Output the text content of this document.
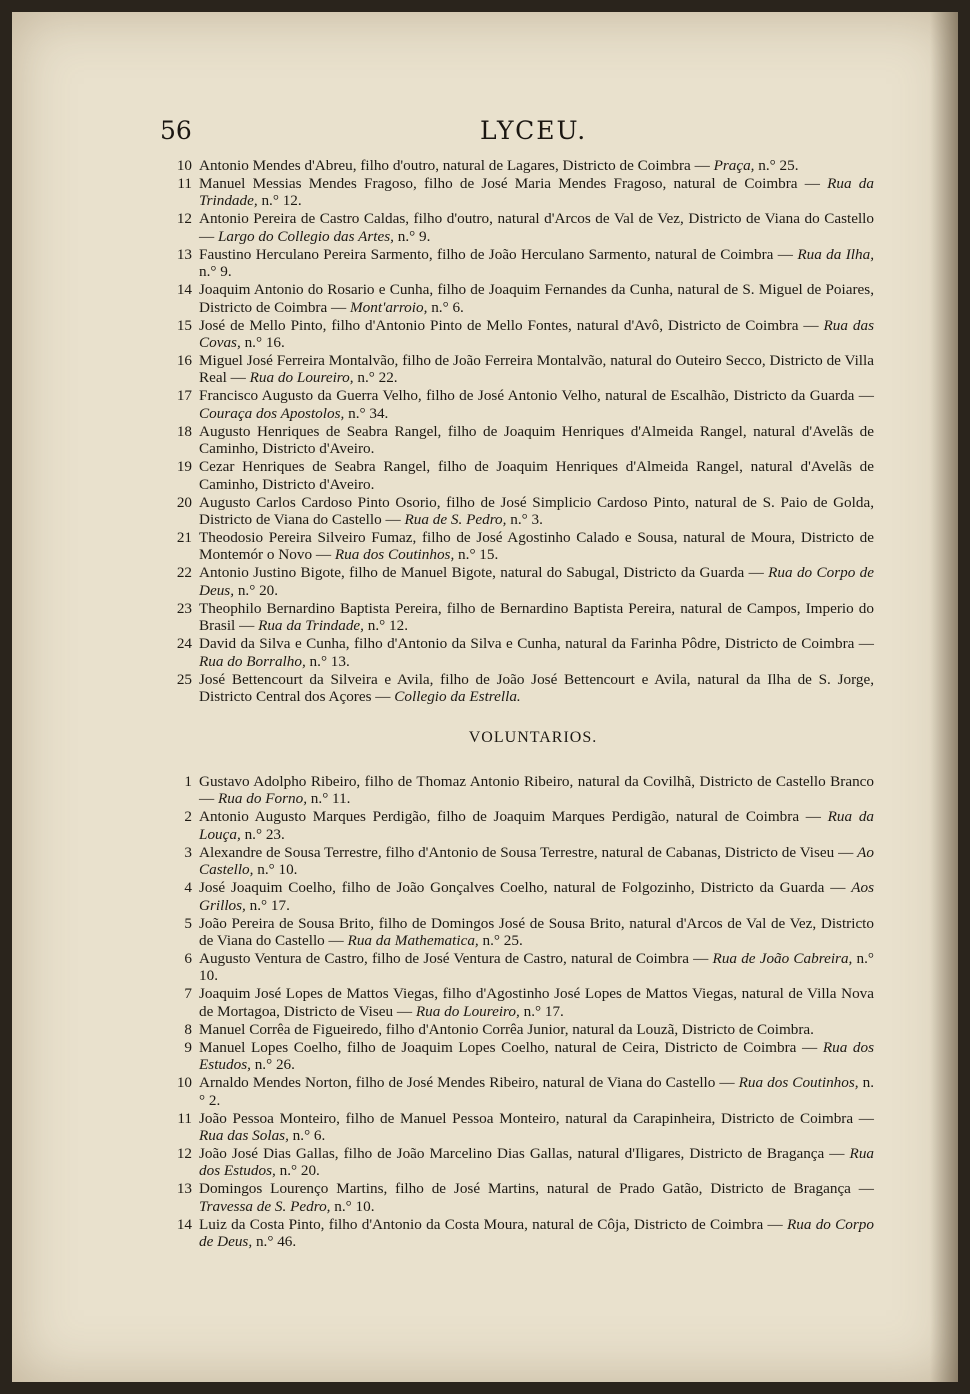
56	LYCEU.
10 Antonio Mendes d'Abreu, filho d'outro, natural de Lagares, Districto de Coimbra — Praça, n.° 25.
11 Manuel Messias Mendes Fragoso, filho de José Maria Mendes Fragoso, natural de Coimbra — Rua da Trindade, n.° 12.
12 Antonio Pereira de Castro Caldas, filho d'outro, natural d'Arcos de Val de Vez, Districto de Viana do Castello — Largo do Collegio das Artes, n.° 9.
13 Faustino Herculano Pereira Sarmento, filho de João Herculano Sarmento, natural de Coimbra — Rua da Ilha, n.° 9.
14 Joaquim Antonio do Rosario e Cunha, filho de Joaquim Fernandes da Cunha, natural de S. Miguel de Poiares, Districto de Coimbra — Mont'arroio, n.° 6.
15 José de Mello Pinto, filho d'Antonio Pinto de Mello Fontes, natural d'Avô, Districto de Coimbra — Rua das Covas, n.° 16.
16 Miguel José Ferreira Montalvão, filho de João Ferreira Montalvão, natural do Outeiro Secco, Districto de Villa Real — Rua do Loureiro, n.° 22.
17 Francisco Augusto da Guerra Velho, filho de José Antonio Velho, natural de Escalhão, Districto da Guarda — Couraça dos Apostolos, n.° 34.
18 Augusto Henriques de Seabra Rangel, filho de Joaquim Henriques d'Almeida Rangel, natural d'Avelãs de Caminho, Districto d'Aveiro.
19 Cezar Henriques de Seabra Rangel, filho de Joaquim Henriques d'Almeida Rangel, natural d'Avelãs de Caminho, Districto d'Aveiro.
20 Augusto Carlos Cardoso Pinto Osorio, filho de José Simplicio Cardoso Pinto, natural de S. Paio de Golda, Districto de Viana do Castello — Rua de S. Pedro, n.° 3.
21 Theodosio Pereira Silveiro Fumaz, filho de José Agostinho Calado e Sousa, natural de Moura, Districto de Montemór o Novo — Rua dos Coutinhos, n.° 15.
22 Antonio Justino Bigote, filho de Manuel Bigote, natural do Sabugal, Districto da Guarda — Rua do Corpo de Deus, n.° 20.
23 Theophilo Bernardino Baptista Pereira, filho de Bernardino Baptista Pereira, natural de Campos, Imperio do Brasil — Rua da Trindade, n.° 12.
24 David da Silva e Cunha, filho d'Antonio da Silva e Cunha, natural da Farinha Pôdre, Districto de Coimbra — Rua do Borralho, n.° 13.
25 José Bettencourt da Silveira e Avila, filho de João José Bettencourt e Avila, natural da Ilha de S. Jorge, Districto Central dos Açores — Collegio da Estrella.
VOLUNTARIOS.
1 Gustavo Adolpho Ribeiro, filho de Thomaz Antonio Ribeiro, natural da Covilhã, Districto de Castello Branco — Rua do Forno, n.° 11.
2 Antonio Augusto Marques Perdigão, filho de Joaquim Marques Perdigão, natural de Coimbra — Rua da Louça, n.° 23.
3 Alexandre de Sousa Terrestre, filho d'Antonio de Sousa Terrestre, natural de Cabanas, Districto de Viseu — Ao Castello, n.° 10.
4 José Joaquim Coelho, filho de João Gonçalves Coelho, natural de Folgozinho, Districto da Guarda — Aos Grillos, n.° 17.
5 João Pereira de Sousa Brito, filho de Domingos José de Sousa Brito, natural d'Arcos de Val de Vez, Districto de Viana do Castello — Rua da Mathematica, n.° 25.
6 Augusto Ventura de Castro, filho de José Ventura de Castro, natural de Coimbra — Rua de João Cabreira, n.° 10.
7 Joaquim José Lopes de Mattos Viegas, filho d'Agostinho José Lopes de Mattos Viegas, natural de Villa Nova de Mortagoa, Districto de Viseu — Rua do Loureiro, n.° 17.
8 Manuel Corrêa de Figueiredo, filho d'Antonio Corrêa Junior, natural da Louzã, Districto de Coimbra.
9 Manuel Lopes Coelho, filho de Joaquim Lopes Coelho, natural de Ceira, Districto de Coimbra — Rua dos Estudos, n.° 26.
10 Arnaldo Mendes Norton, filho de José Mendes Ribeiro, natural de Viana do Castello — Rua dos Coutinhos, n.° 2.
11 João Pessoa Monteiro, filho de Manuel Pessoa Monteiro, natural da Carapinheira, Districto de Coimbra — Rua das Solas, n.° 6.
12 João José Dias Gallas, filho de João Marcelino Dias Gallas, natural d'Iligares, Districto de Bragança — Rua dos Estudos, n.° 20.
13 Domingos Lourenço Martins, filho de José Martins, natural de Prado Gatão, Districto de Bragança — Travessa de S. Pedro, n.° 10.
14 Luiz da Costa Pinto, filho d'Antonio da Costa Moura, natural de Côja, Districto de Coimbra — Rua do Corpo de Deus, n.° 46.
